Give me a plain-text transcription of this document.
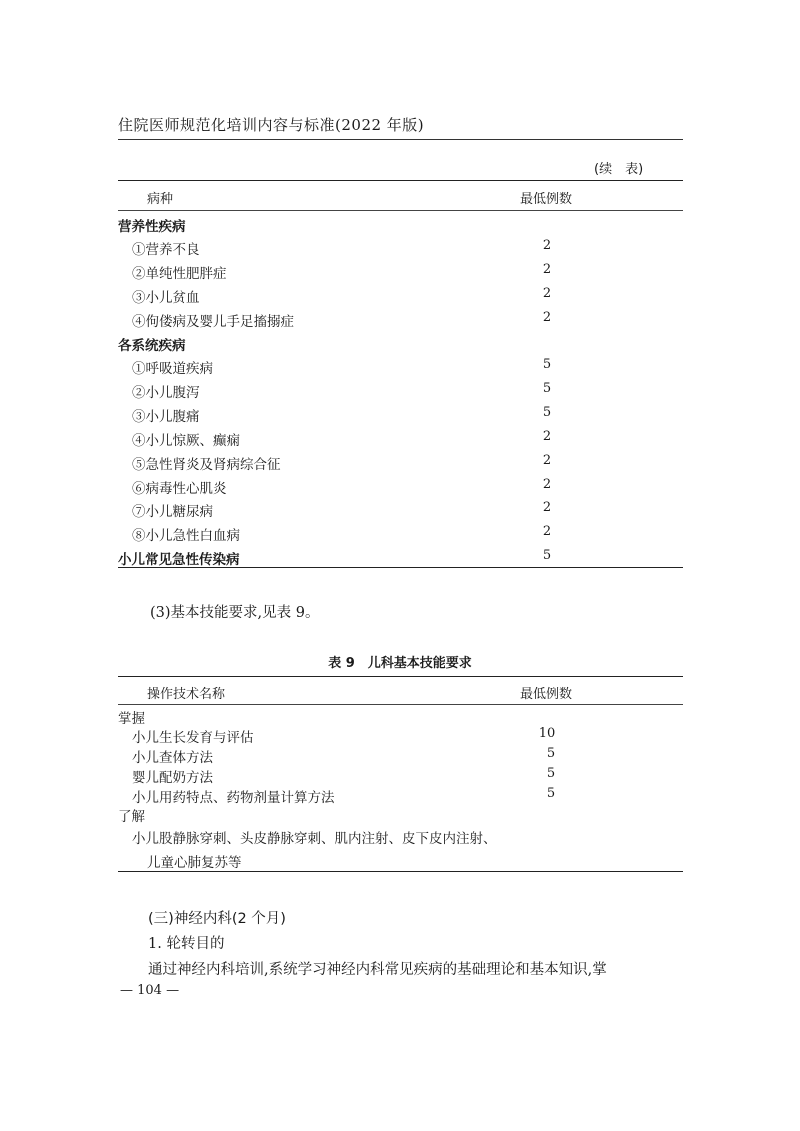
住院医师规范化培训内容与标准(2022 年版)
(续　表)
病种	最低例数
营养性疾病
①营养不良	2
②单纯性肥胖症	2
③小儿贫血	2
④佝偻病及婴儿手足搐搦症	2
各系统疾病
①呼吸道疾病	5
②小儿腹泻	5
③小儿腹痛	5
④小儿惊厥、癫痫	2
⑤急性肾炎及肾病综合征	2
⑥病毒性心肌炎	2
⑦小儿糖尿病	2
⑧小儿急性白血病	2
小儿常见急性传染病	5
(3)基本技能要求,见表 9。
表 9　儿科基本技能要求
操作技术名称	最低例数
掌握
小儿生长发育与评估	10
小儿查体方法	5
婴儿配奶方法	5
小儿用药特点、药物剂量计算方法	5
了解
小儿股静脉穿刺、头皮静脉穿刺、肌内注射、皮下皮内注射、
儿童心肺复苏等
(三)神经内科(2 个月)
1. 轮转目的
通过神经内科培训,系统学习神经内科常见疾病的基础理论和基本知识,掌
— 104 —
